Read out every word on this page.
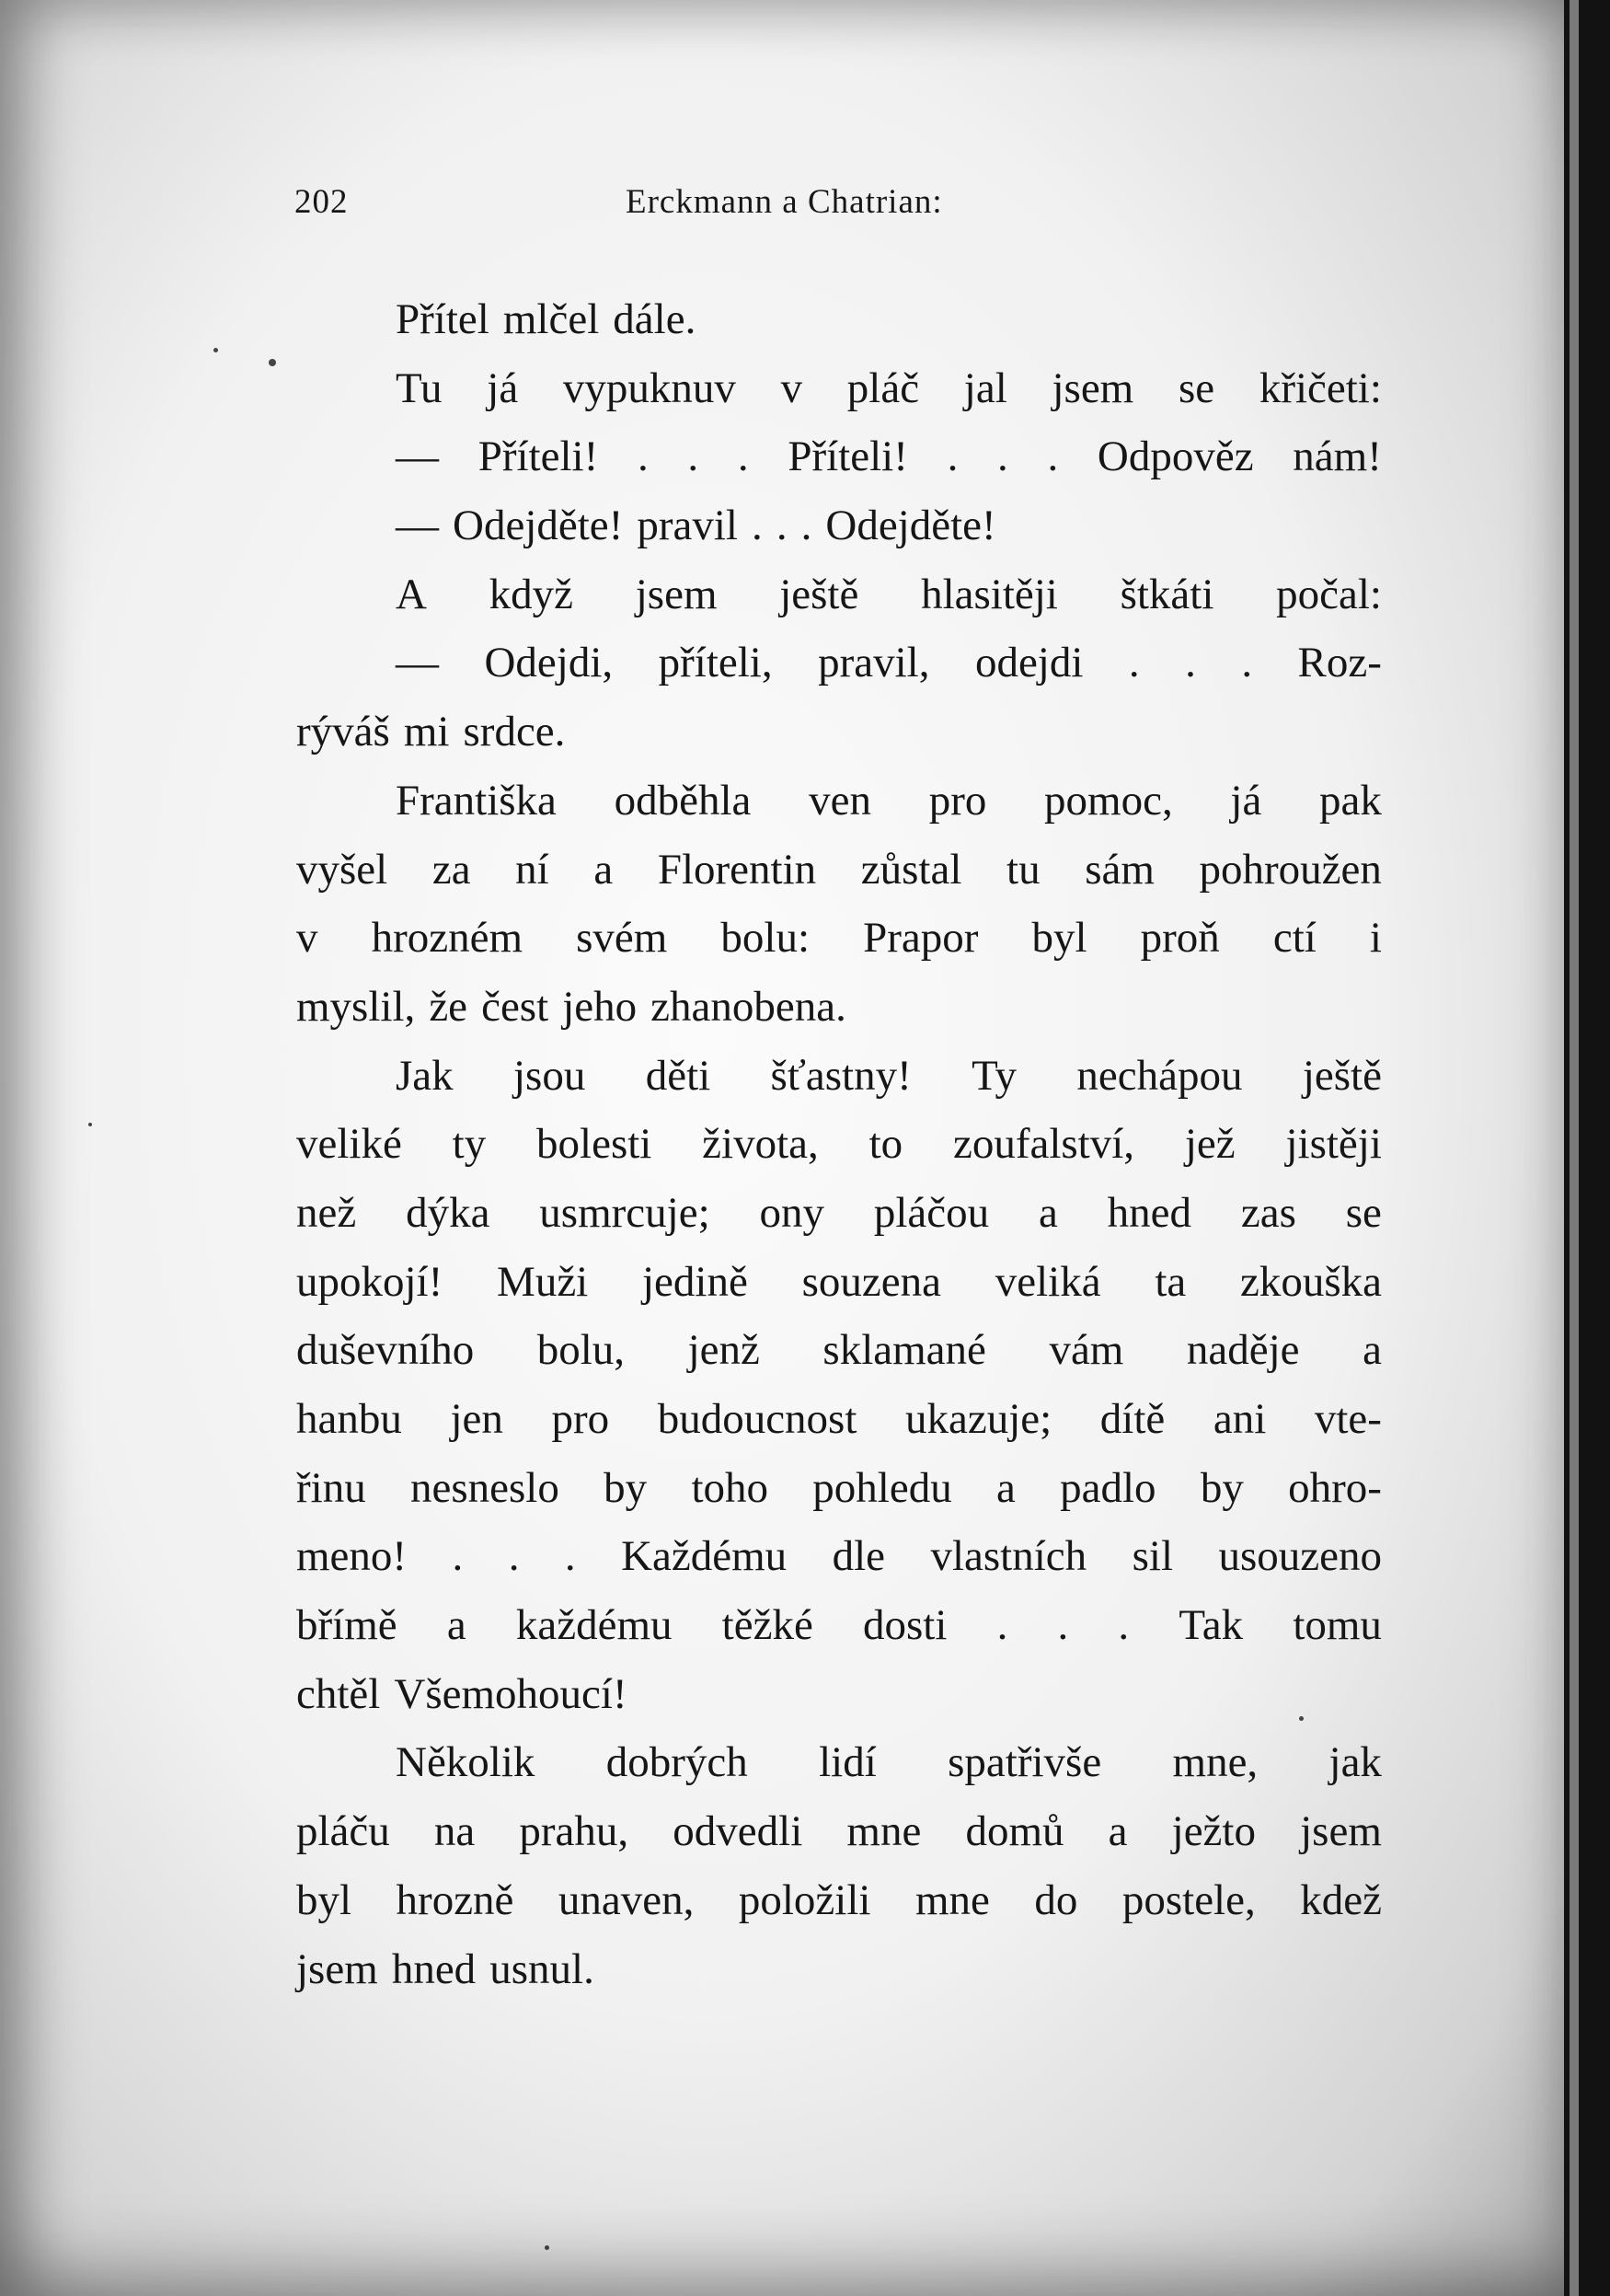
202	Erckmann a Chatrian:
Přítel mlčel dále.
Tu já vypuknuv v pláč jal jsem se křičeti:
— Příteli! . . . Příteli! . . . Odpověz nám!
— Odejděte! pravil . . . Odejděte!
A když jsem ještě hlasitěji štkáti počal:
— Odejdi, příteli, pravil, odejdi . . . Roz-
rýváš mi srdce.
Františka odběhla ven pro pomoc, já pak
vyšel za ní a Florentin zůstal tu sám pohroužen
v hrozném svém bolu: Prapor byl proň ctí i
myslil, že čest jeho zhanobena.
Jak jsou děti šťastny! Ty nechápou ještě
veliké ty bolesti života, to zoufalství, jež jistěji
než dýka usmrcuje; ony pláčou a hned zas se
upokojí! Muži jedině souzena veliká ta zkouška
duševního bolu, jenž sklamané vám naděje a
hanbu jen pro budoucnost ukazuje; dítě ani vte-
řinu nesneslo by toho pohledu a padlo by ohro-
meno! . . . Každému dle vlastních sil usouzeno
břímě a každému těžké dosti . . . Tak tomu
chtěl Všemohoucí!
Několik dobrých lidí spatřivše mne, jak
pláču na prahu, odvedli mne domů a ježto jsem
byl hrozně unaven, položili mne do postele, kdež
jsem hned usnul.
